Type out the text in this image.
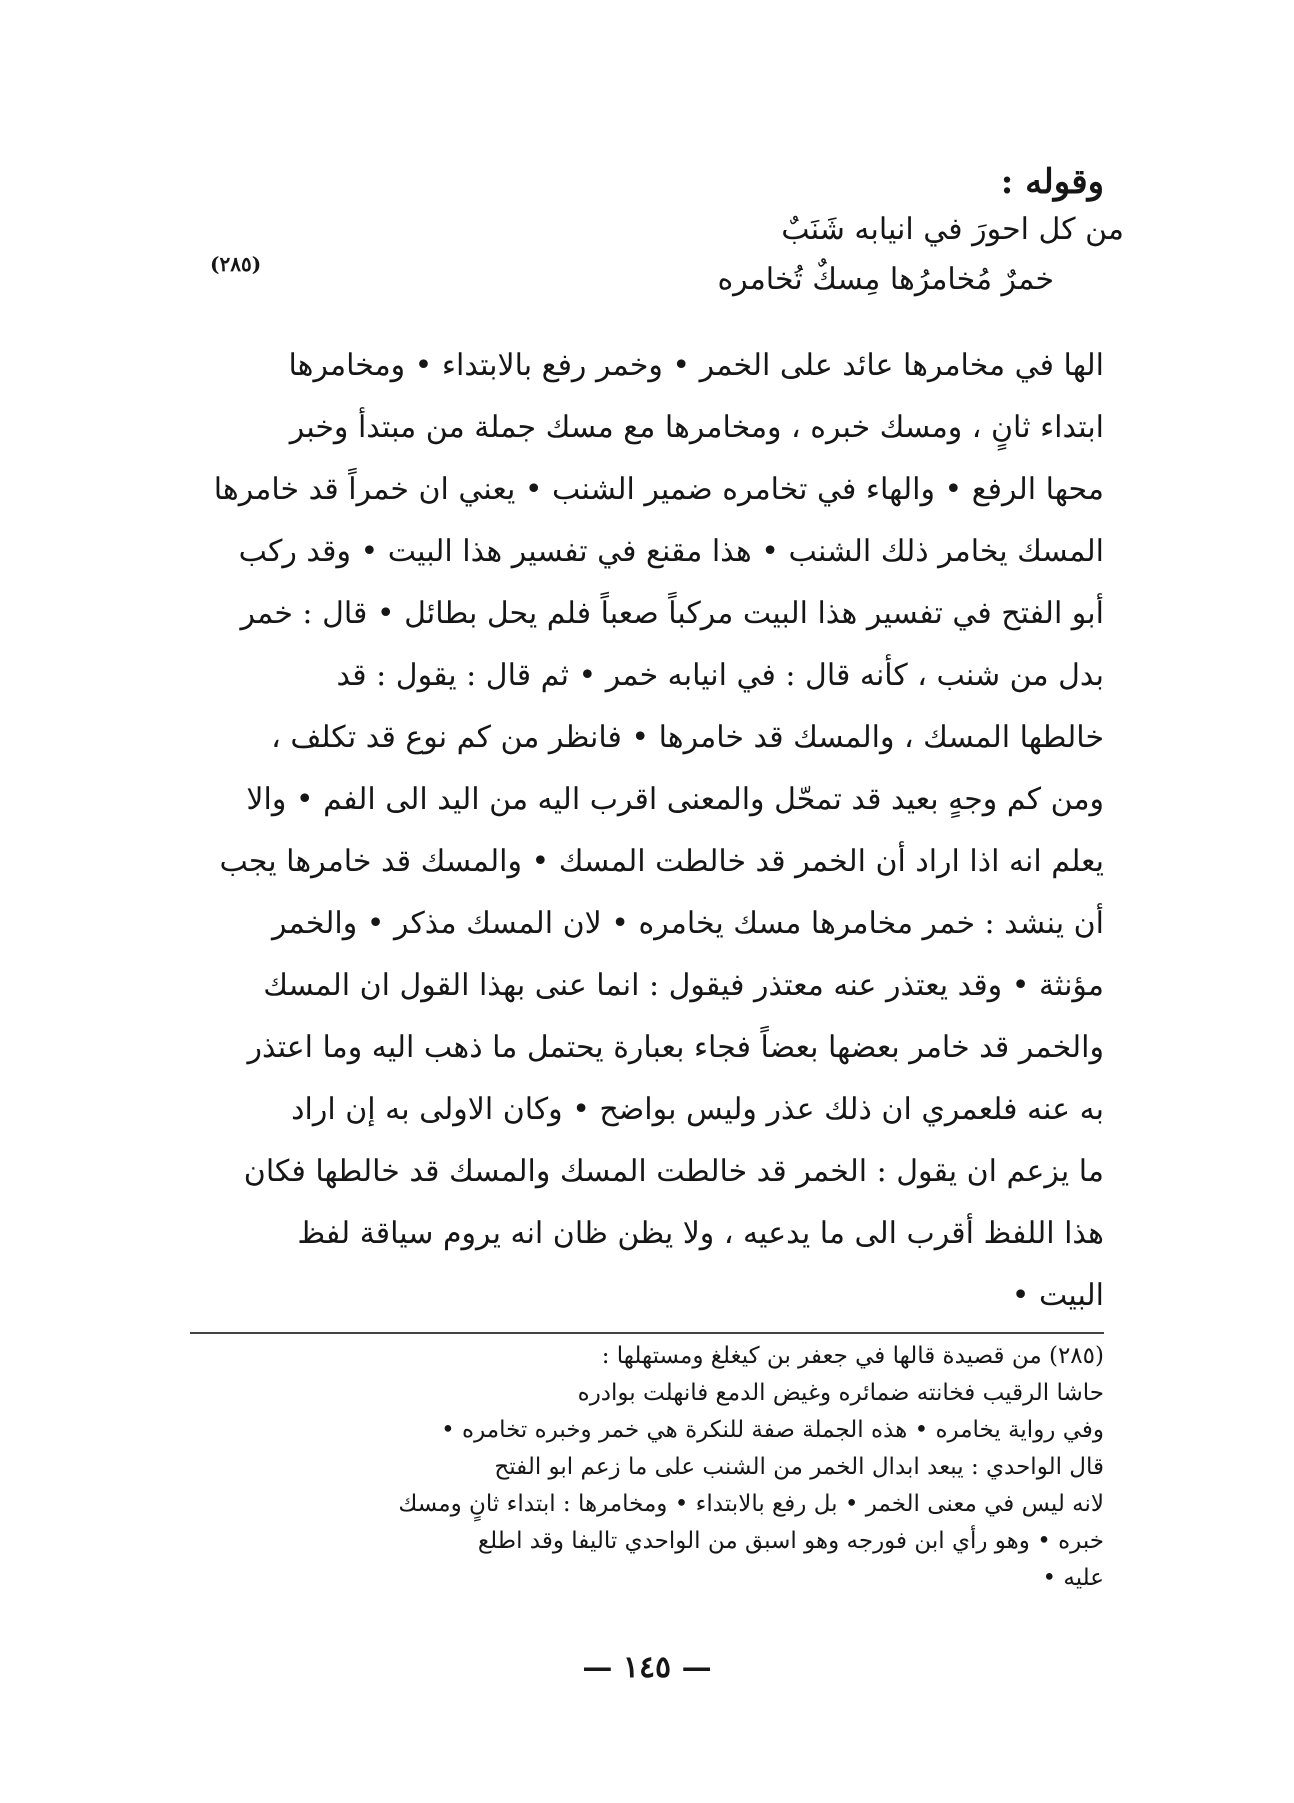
وقوله :
من كل احورَ في انيابه شَنَبٌ
خمرٌ مُخامرُها مِسكٌ تُخامره
(٢٨٥)
الها في مخامرها عائد على الخمر • وخمر رفع بالابتداء • ومخامرها
ابتداء ثانٍ ، ومسك خبره ، ومخامرها مع مسك جملة من مبتدأ وخبر
محها الرفع • والهاء في تخامره ضمير الشنب • يعني ان خمراً قد خامرها
المسك يخامر ذلك الشنب • هذا مقنع في تفسير هذا البيت • وقد ركب
أبو الفتح في تفسير هذا البيت مركباً صعباً فلم يحل بطائل • قال : خمر
بدل من شنب ، كأنه قال : في انيابه خمر • ثم قال : يقول : قد
خالطها المسك ، والمسك قد خامرها • فانظر من كم نوع قد تكلف ،
ومن كم وجهٍ بعيد قد تمحّل والمعنى اقرب اليه من اليد الى الفم • والا
يعلم انه اذا اراد أن الخمر قد خالطت المسك • والمسك قد خامرها يجب
أن ينشد : خمر مخامرها مسك يخامره • لان المسك مذكر • والخمر
مؤنثة • وقد يعتذر عنه معتذر فيقول : انما عنى بهذا القول ان المسك
والخمر قد خامر بعضها بعضاً فجاء بعبارة يحتمل ما ذهب اليه وما اعتذر
به عنه فلعمري ان ذلك عذر وليس بواضح • وكان الاولى به إن اراد
ما يزعم ان يقول : الخمر قد خالطت المسك والمسك قد خالطها فكان
هذا اللفظ أقرب الى ما يدعيه ، ولا يظن ظان انه يروم سياقة لفظ
البيت •
(٢٨٥) من قصيدة قالها في جعفر بن كيغلغ ومستهلها :
حاشا الرقيب فخانته ضمائره وغيض الدمع فانهلت بوادره
وفي رواية يخامره • هذه الجملة صفة للنكرة هي خمر وخبره تخامره •
قال الواحدي : يبعد ابدال الخمر من الشنب على ما زعم ابو الفتح
لانه ليس في معنى الخمر • بل رفع بالابتداء • ومخامرها : ابتداء ثانٍ ومسك
خبره • وهو رأي ابن فورجه وهو اسبق من الواحدي تاليفا وقد اطلع
عليه •
— ١٤٥ —
